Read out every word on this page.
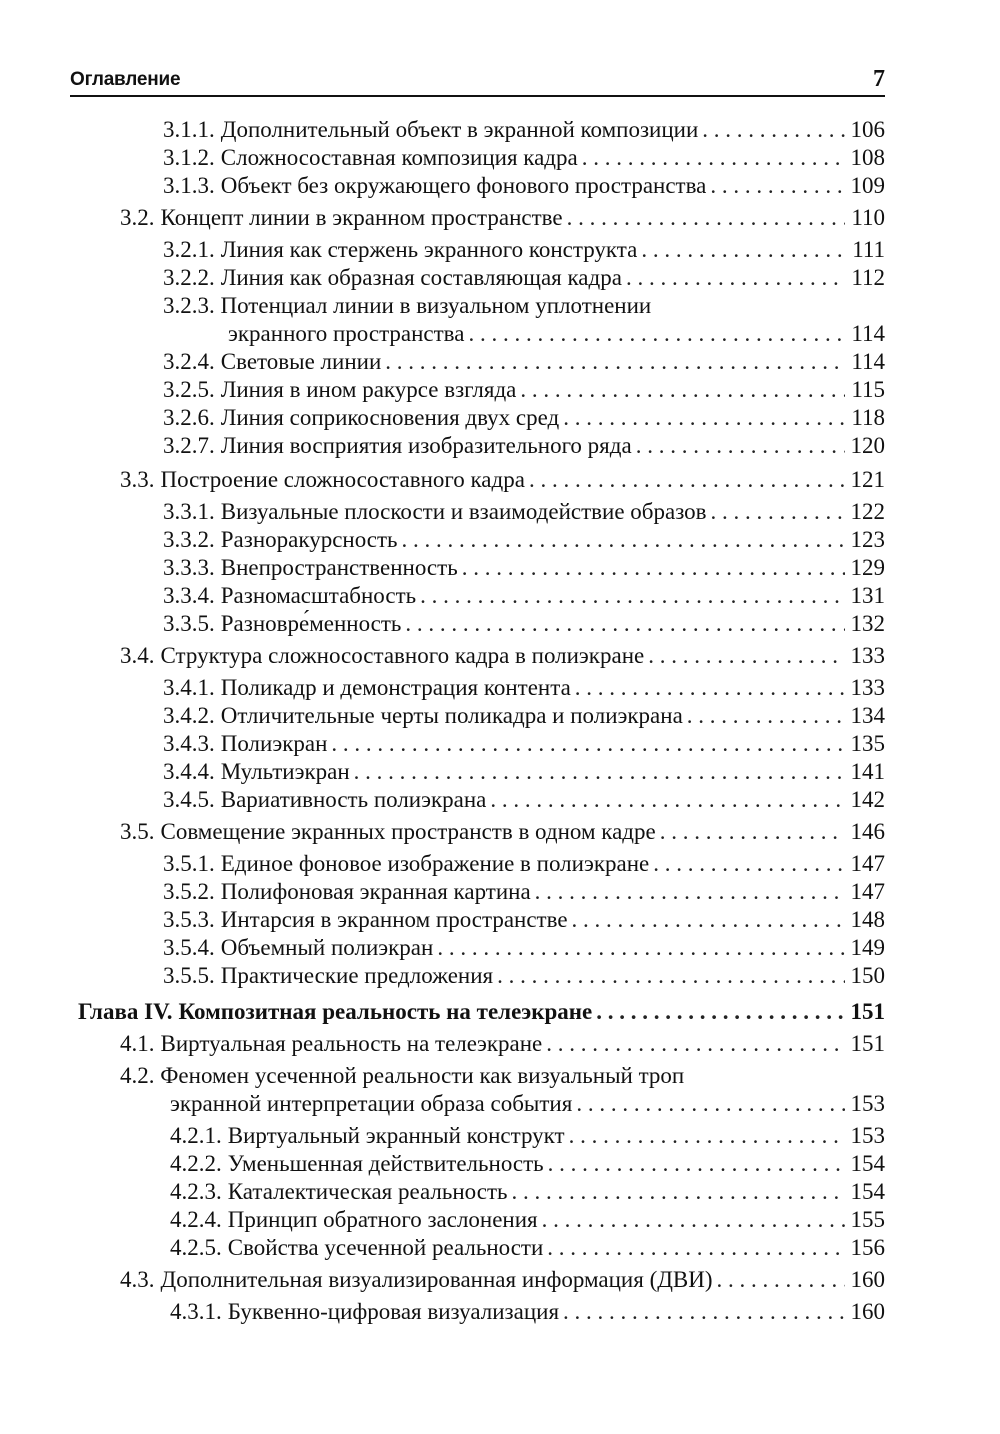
Оглавление	7
3.1.1. Дополнительный объект в экранной композиции . . .	106
3.1.2. Сложносоставная композиция кадра . . .	108
3.1.3. Объект без окружающего фонового пространства . . .	109
3.2. Концепт линии в экранном пространстве . . .	110
3.2.1. Линия как стержень экранного конструкта . . .	111
3.2.2. Линия как образная составляющая кадра . . .	112
3.2.3. Потенциал линии в визуальном уплотнении
экранного пространства . . .	114
3.2.4. Световые линии . . .	114
3.2.5. Линия в ином ракурсе взгляда . . .	115
3.2.6. Линия соприкосновения двух сред . . .	118
3.2.7. Линия восприятия изобразительного ряда . . .	120
3.3. Построение сложносоставного кадра . . .	121
3.3.1. Визуальные плоскости и взаимодействие образов . . .	122
3.3.2. Разноракурсность . . .	123
3.3.3. Внепространственность . . .	129
3.3.4. Разномасштабность . . .	131
3.3.5. Разновре́менность . . .	132
3.4. Структура сложносоставного кадра в полиэкране . . .	133
3.4.1. Поликадр и демонстрация контента . . .	133
3.4.2. Отличительные черты поликадра и полиэкрана . . .	134
3.4.3. Полиэкран . . .	135
3.4.4. Мультиэкран . . .	141
3.4.5. Вариативность полиэкрана . . .	142
3.5. Совмещение экранных пространств в одном кадре . . .	146
3.5.1. Единое фоновое изображение в полиэкране . . .	147
3.5.2. Полифоновая экранная картина . . .	147
3.5.3. Интарсия в экранном пространстве . . .	148
3.5.4. Объемный полиэкран . . .	149
3.5.5. Практические предложения . . .	150
Глава IV. Композитная реальность на телеэкране . . .	151
4.1. Виртуальная реальность на телеэкране . . .	151
4.2. Феномен усеченной реальности как визуальный троп
экранной интерпретации образа события . . .	153
4.2.1. Виртуальный экранный конструкт . . .	153
4.2.2. Уменьшенная действительность . . .	154
4.2.3. Каталектическая реальность . . .	154
4.2.4. Принцип обратного заслонения . . .	155
4.2.5. Свойства усеченной реальности . . .	156
4.3. Дополнительная визуализированная информация (ДВИ) . . .	160
4.3.1. Буквенно-цифровая визуализация . . .	160
